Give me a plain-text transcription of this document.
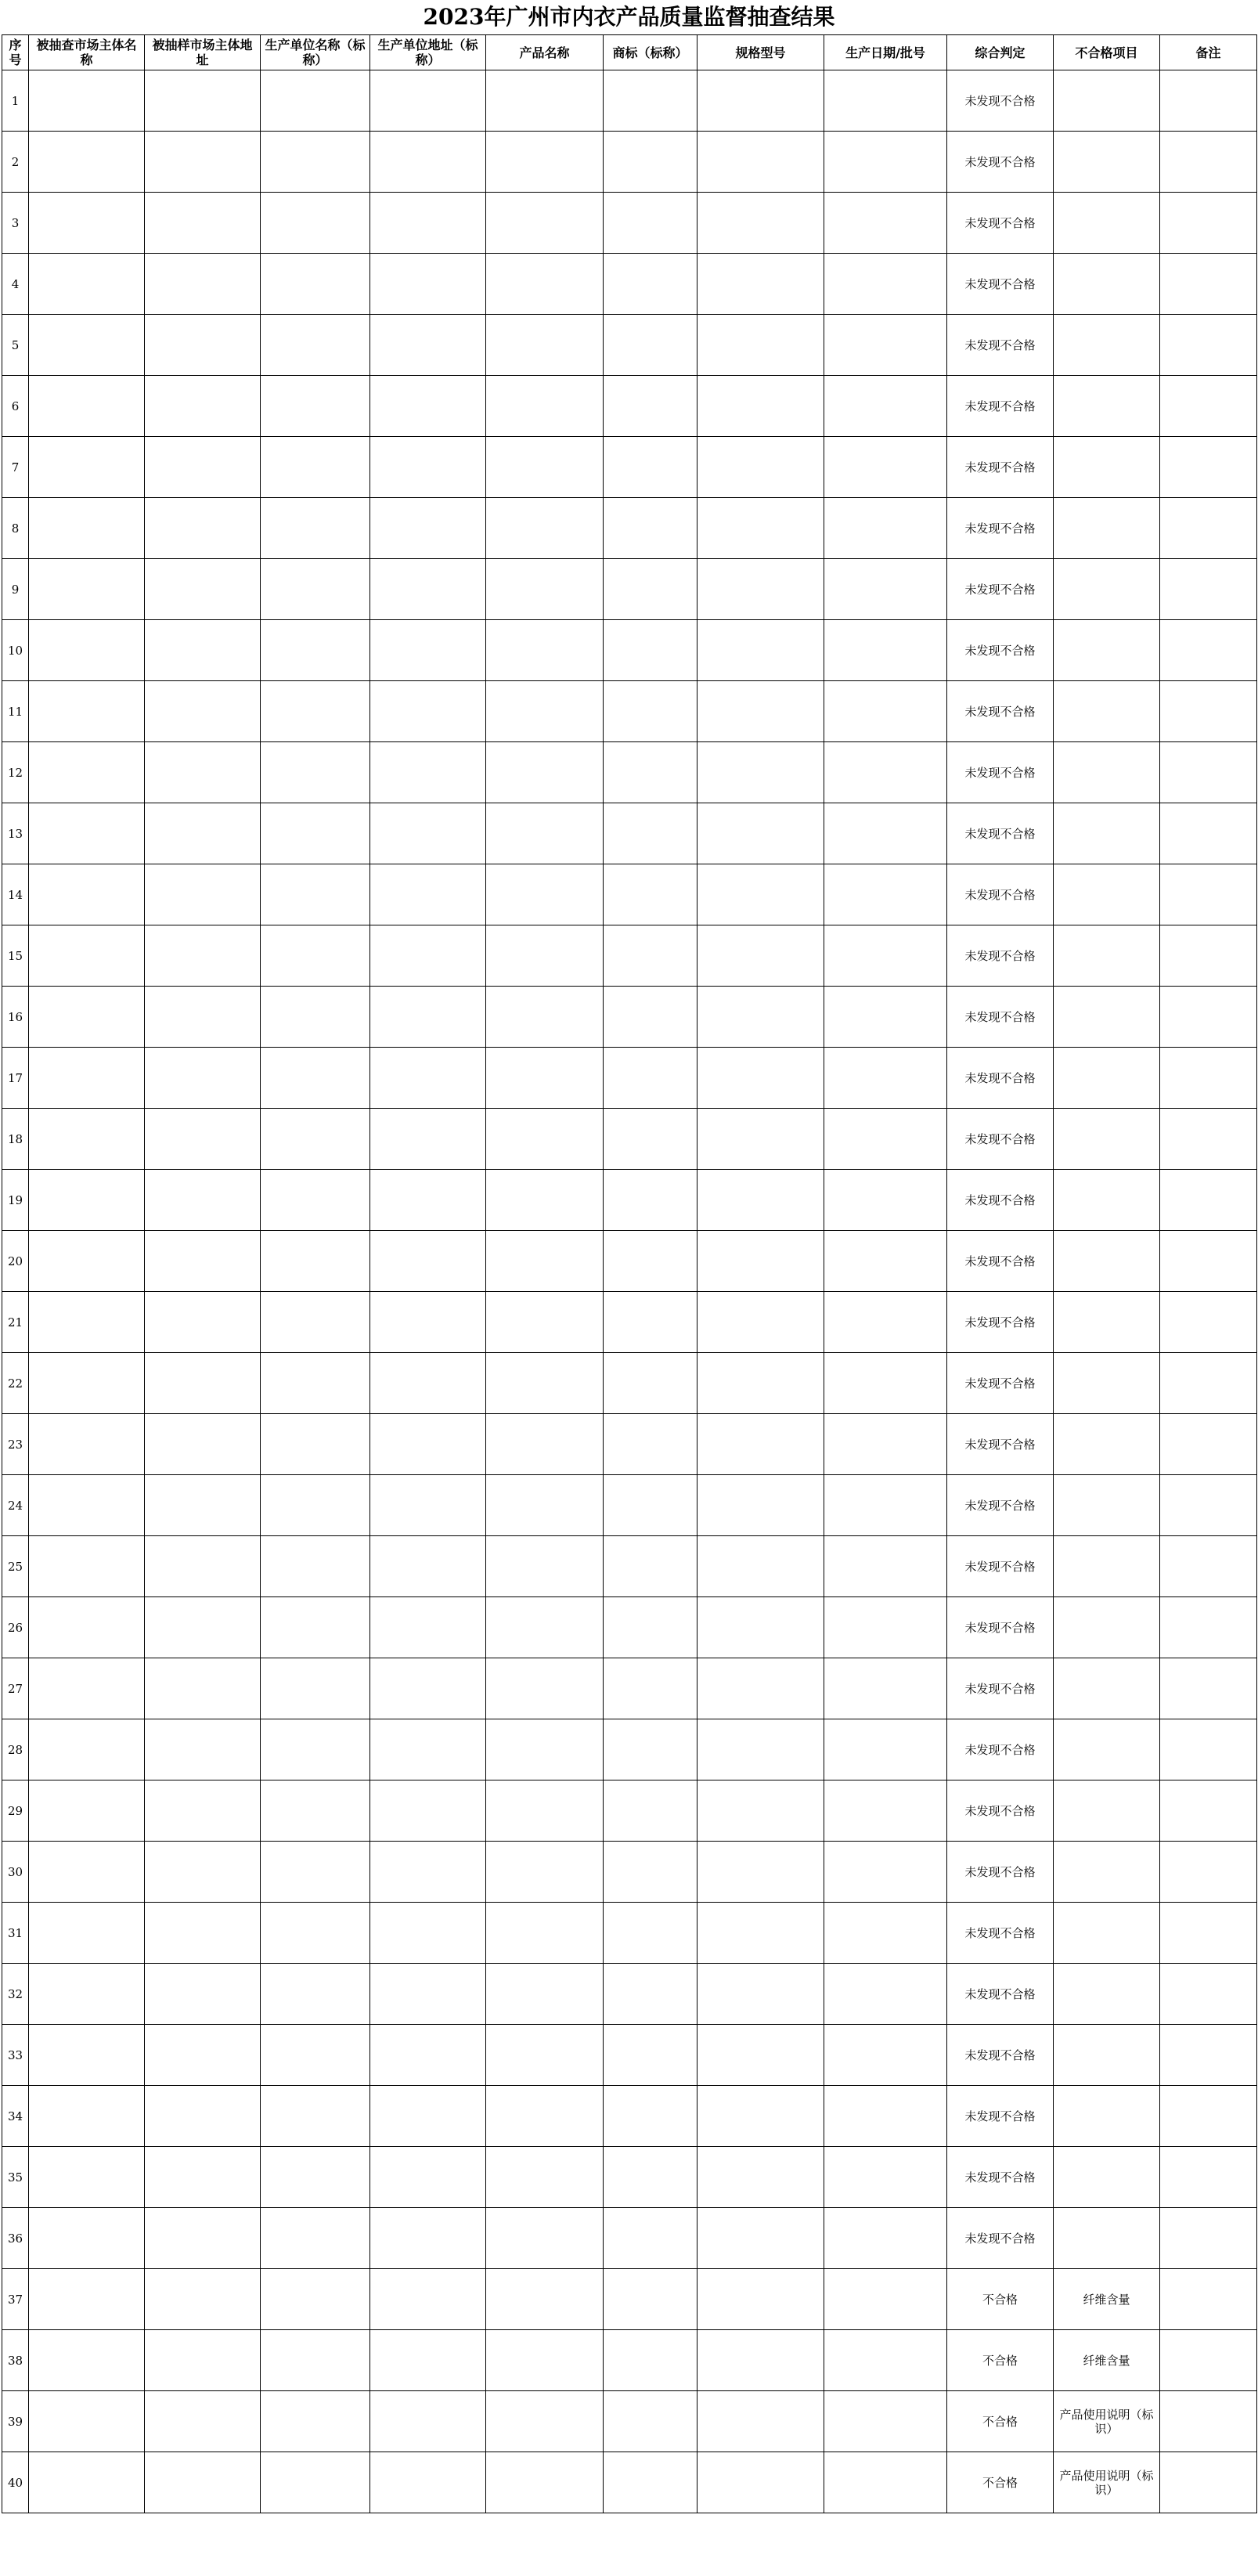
2023年广州市内衣产品质量监督抽查结果
序号	被抽查市场主体名称	被抽样市场主体地址	生产单位名称（标称）	生产单位地址（标称）	产品名称	商标（标称）	规格型号	生产日期/批号	综合判定	不合格项目	备注
1									未发现不合格		
2									未发现不合格		
3									未发现不合格		
4									未发现不合格		
5									未发现不合格		
6									未发现不合格		
7									未发现不合格		
8									未发现不合格		
9									未发现不合格		
10									未发现不合格		
11									未发现不合格		
12									未发现不合格		
13									未发现不合格		
14									未发现不合格		
15									未发现不合格		
16									未发现不合格		
17									未发现不合格		
18									未发现不合格		
19									未发现不合格		
20									未发现不合格		
21									未发现不合格		
22									未发现不合格		
23									未发现不合格		
24									未发现不合格		
25									未发现不合格		
26									未发现不合格		
27									未发现不合格		
28									未发现不合格		
29									未发现不合格		
30									未发现不合格		
31									未发现不合格		
32									未发现不合格		
33									未发现不合格		
34									未发现不合格		
35									未发现不合格		
36									未发现不合格		
37									不合格	纤维含量	
38									不合格	纤维含量	
39									不合格	产品使用说明（标识）	
40									不合格	产品使用说明（标识）	
